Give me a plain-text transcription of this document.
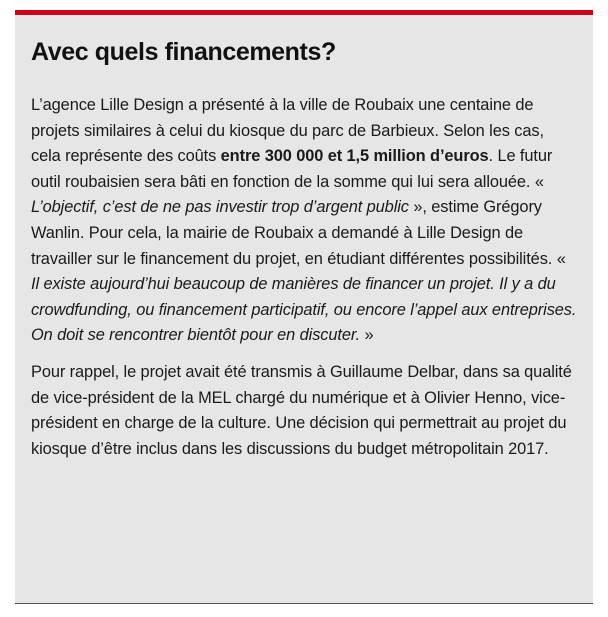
Avec quels financements?

L’agence Lille Design a présenté à la ville de Roubaix une centaine de projets similaires à celui du kiosque du parc de Barbieux. Selon les cas, cela représente des coûts entre 300 000 et 1,5 million d’euros. Le futur outil roubaisien sera bâti en fonction de la somme qui lui sera allouée. « L’objectif, c’est de ne pas investir trop d’argent public », estime Grégory Wanlin. Pour cela, la mairie de Roubaix a demandé à Lille Design de travailler sur le financement du projet, en étudiant différentes possibilités. « Il existe aujourd’hui beaucoup de manières de financer un projet. Il y a du crowdfunding, ou financement participatif, ou encore l’appel aux entreprises. On doit se rencontrer bientôt pour en discuter. »

Pour rappel, le projet avait été transmis à Guillaume Delbar, dans sa qualité de vice-président de la MEL chargé du numérique et à Olivier Henno, vice-président en charge de la culture. Une décision qui permettrait au projet du kiosque d’être inclus dans les discussions du budget métropolitain 2017.
